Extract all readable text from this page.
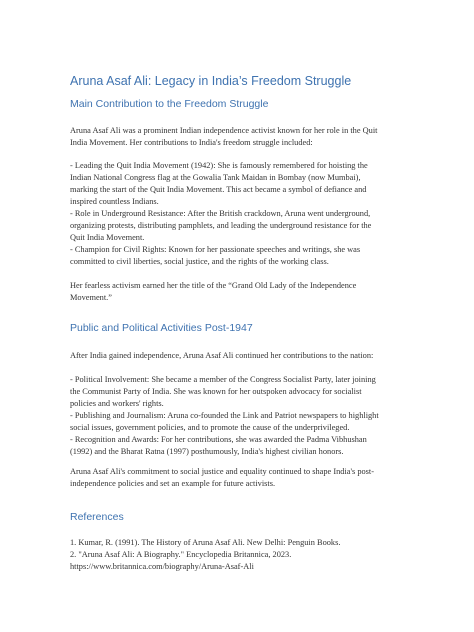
Aruna Asaf Ali: Legacy in India’s Freedom Struggle
Main Contribution to the Freedom Struggle
Aruna Asaf Ali was a prominent Indian independence activist known for her role in the Quit
India Movement. Her contributions to India's freedom struggle included:
- Leading the Quit India Movement (1942): She is famously remembered for hoisting the
Indian National Congress flag at the Gowalia Tank Maidan in Bombay (now Mumbai),
marking the start of the Quit India Movement. This act became a symbol of defiance and
inspired countless Indians.
- Role in Underground Resistance: After the British crackdown, Aruna went underground,
organizing protests, distributing pamphlets, and leading the underground resistance for the
Quit India Movement.
- Champion for Civil Rights: Known for her passionate speeches and writings, she was
committed to civil liberties, social justice, and the rights of the working class.
Her fearless activism earned her the title of the “Grand Old Lady of the Independence
Movement.”
Public and Political Activities Post-1947
After India gained independence, Aruna Asaf Ali continued her contributions to the nation:
- Political Involvement: She became a member of the Congress Socialist Party, later joining
the Communist Party of India. She was known for her outspoken advocacy for socialist
policies and workers' rights.
- Publishing and Journalism: Aruna co-founded the Link and Patriot newspapers to highlight
social issues, government policies, and to promote the cause of the underprivileged.
- Recognition and Awards: For her contributions, she was awarded the Padma Vibhushan
(1992) and the Bharat Ratna (1997) posthumously, India's highest civilian honors.
Aruna Asaf Ali's commitment to social justice and equality continued to shape India's post-
independence policies and set an example for future activists.
References
1. Kumar, R. (1991). The History of Aruna Asaf Ali. New Delhi: Penguin Books.
2. "Aruna Asaf Ali: A Biography." Encyclopedia Britannica, 2023.
https://www.britannica.com/biography/Aruna-Asaf-Ali
